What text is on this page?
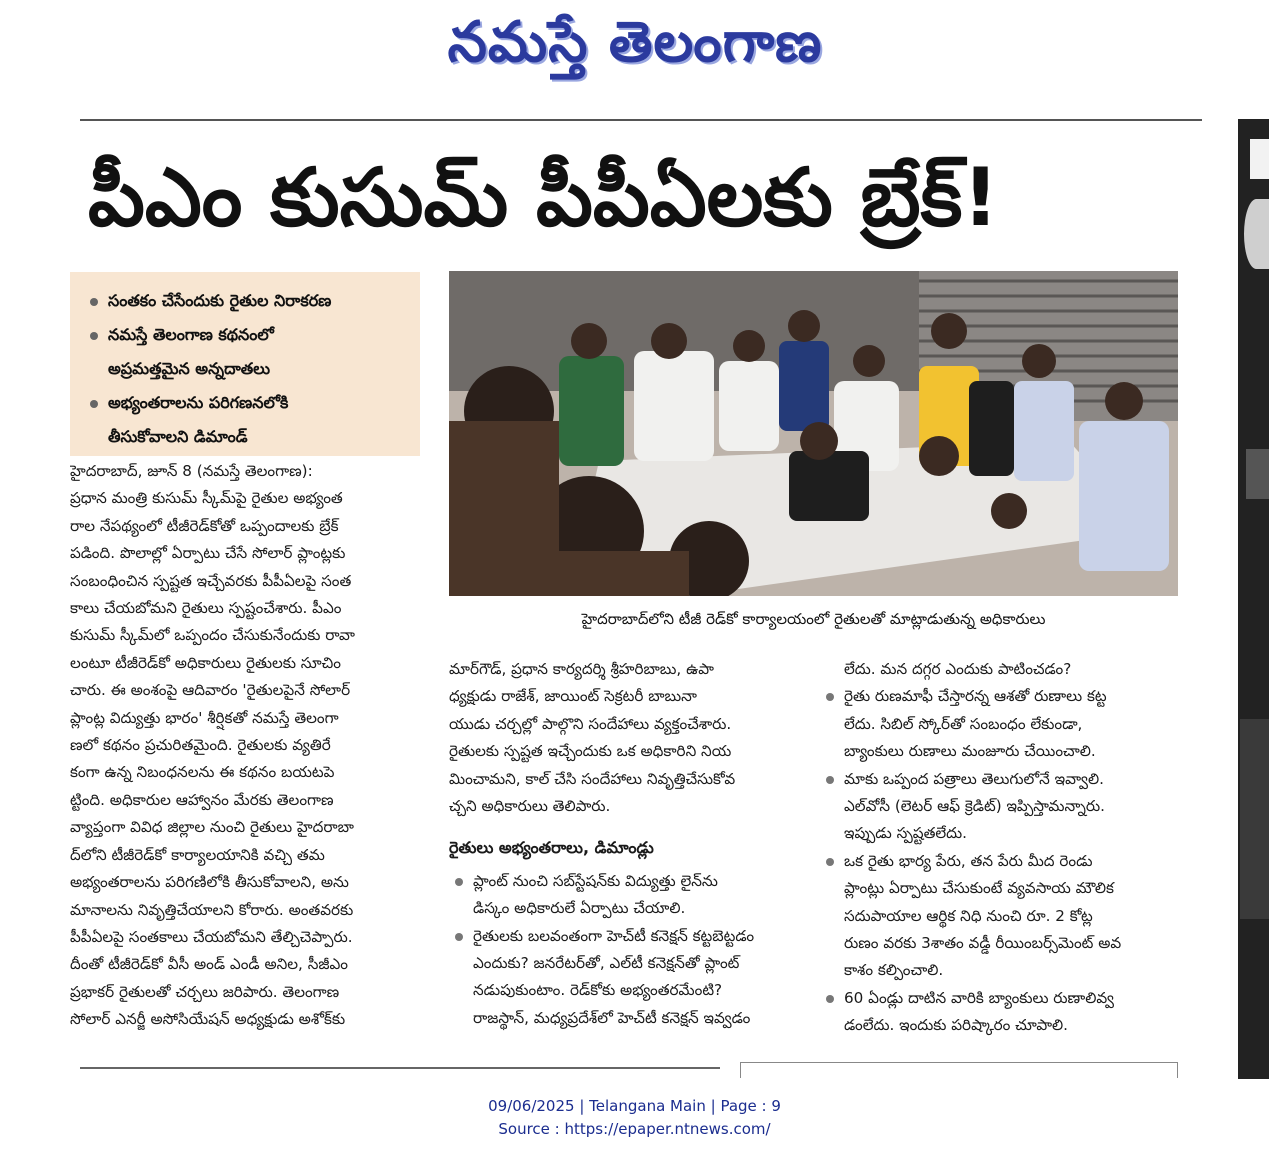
నమస్తే తెలంగాణ
పీఎం కుసుమ్ పీపీఏలకు బ్రేక్!
సంతకం చేసేందుకు రైతుల నిరాకరణ
నమస్తే తెలంగాణ కథనంలో
అప్రమత్తమైన అన్నదాతలు
అభ్యంతరాలను పరిగణనలోకి
తీసుకోవాలని డిమాండ్
హైదరాబాద్‌లోని టీజీ రెడ్‌కో కార్యాలయంలో రైతులతో మాట్లాడుతున్న అధికారులు

హైదరాబాద్, జూన్ 8 (నమస్తే తెలంగాణ):

ప్రధాన మంత్రి కుసుమ్ స్కీమ్‌పై రైతుల అభ్యంత

రాల నేపథ్యంలో టీజీరెడ్‌కోతో ఒప్పందాలకు బ్రేక్

పడింది. పొలాల్లో ఏర్పాటు చేసే సోలార్ ప్లాంట్లకు

సంబంధించిన స్పష్టత ఇచ్చేవరకు పీపీఏలపై సంత

కాలు చేయబోమని రైతులు స్పష్టంచేశారు. పీఎం

కుసుమ్ స్కీమ్‌లో ఒప్పందం చేసుకునేందుకు రావా

లంటూ టీజీరెడ్‌కో అధికారులు రైతులకు సూచిం

చారు. ఈ అంశంపై ఆదివారం 'రైతులపైనే సోలార్

ప్లాంట్ల విద్యుత్తు భారం' శీర్షికతో నమస్తే తెలంగా

ణలో కథనం ప్రచురితమైంది. రైతులకు వ్యతిరే

కంగా ఉన్న నిబంధనలను ఈ కథనం బయటపె

ట్టింది. అధికారుల ఆహ్వానం మేరకు తెలంగాణ

వ్యాప్తంగా వివిధ జిల్లాల నుంచి రైతులు హైదరాబా

ద్‌లోని టీజీరెడ్‌కో కార్యాలయానికి వచ్చి తమ

అభ్యంతరాలను పరిగణిలోకి తీసుకోవాలని, అను

మానాలను నివృత్తిచేయాలని కోరారు. అంతవరకు

పీపీఏలపై సంతకాలు చేయబోమని తేల్చిచెప్పారు.

దీంతో టీజీరెడ్‌కో వీసీ అండ్ ఎండీ అనిల, సీజీఎం

ప్రభాకర్ రైతులతో చర్చలు జరిపారు. తెలంగాణ

సోలార్ ఎనర్జీ అసోసియేషన్ అధ్యక్షుడు అశోక్‌కు

మార్‌గౌడ్, ప్రధాన కార్యదర్శి శ్రీహరిబాబు, ఉపా

ధ్యక్షుడు రాజేశ్, జాయింట్ సెక్రటరీ బాబునా

యుడు చర్చల్లో పాల్గొని సందేహాలు వ్యక్తంచేశారు.

రైతులకు స్పష్టత ఇచ్చేందుకు ఒక అధికారిని నియ

మించామని, కాల్ చేసి సందేహాలు నివృత్తిచేసుకోవ

చ్చని అధికారులు తెలిపారు.

రైతులు అభ్యంతరాలు, డిమాండ్లు

ప్లాంట్ నుంచి సబ్‌స్టేషన్‌కు విద్యుత్తు లైన్‌ను

డిస్కం అధికారులే ఏర్పాటు చేయాలి.

రైతులకు బలవంతంగా హెచ్‌టీ కనెక్షన్ కట్టబెట్టడం

ఎందుకు? జనరేటర్‌తో, ఎల్‌టీ కనెక్షన్‌తో ప్లాంట్

నడుపుకుంటాం. రెడ్‌కోకు అభ్యంతరమేంటి?

రాజస్థాన్, మధ్యప్రదేశ్‌లో హెచ్‌టీ కనెక్షన్ ఇవ్వడం

లేదు. మన దగ్గర ఎందుకు పాటించడం?

రైతు రుణమాఫీ చేస్తారన్న ఆశతో రుణాలు కట్ట

లేదు. సిబిల్ స్కోర్‌తో సంబంధం లేకుండా,

బ్యాంకులు రుణాలు మంజూరు చేయించాలి.

మాకు ఒప్పంద పత్రాలు తెలుగులోనే ఇవ్వాలి.

ఎల్‌వోసీ (లెటర్ ఆఫ్ క్రెడిట్) ఇప్పిస్తామన్నారు.

ఇప్పుడు స్పష్టతలేదు.

ఒక రైతు భార్య పేరు, తన పేరు మీద రెండు

ప్లాంట్లు ఏర్పాటు చేసుకుంటే వ్యవసాయ మౌలిక

సదుపాయాల ఆర్థిక నిధి నుంచి రూ. 2 కోట్ల

రుణం వరకు 3శాతం వడ్డీ రీయింబర్స్‌మెంట్ అవ

కాశం కల్పించాలి.

60 ఏండ్లు దాటిన వారికి బ్యాంకులు రుణాలివ్వ

డంలేదు. ఇందుకు పరిష్కారం చూపాలి.

09/06/2025 | Telangana Main | Page : 9
Source : https://epaper.ntnews.com/
